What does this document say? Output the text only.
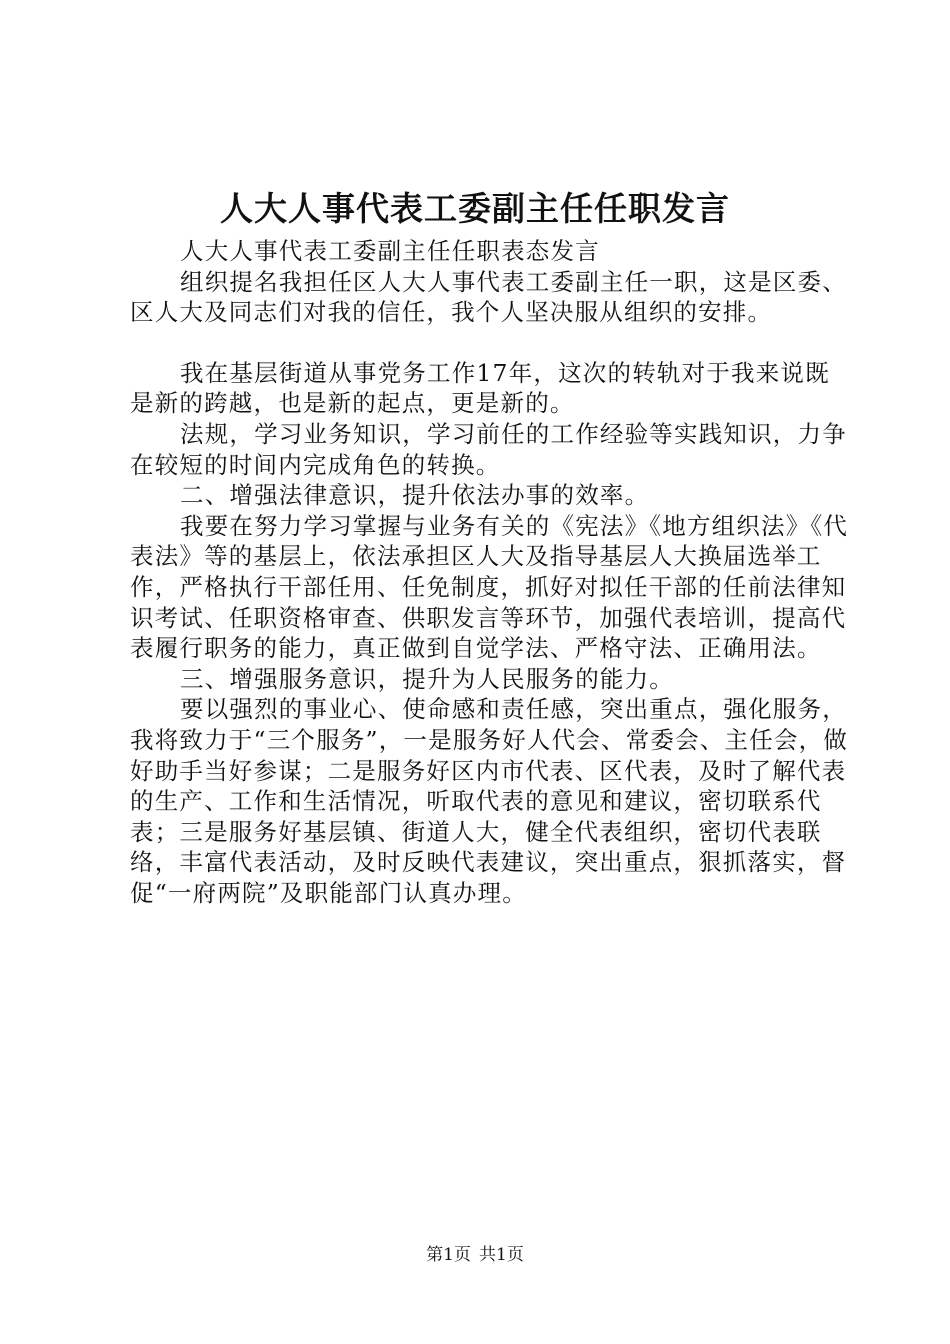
人大人事代表工委副主任任职发言

人大人事代表工委副主任任职表态发言

组织提名我担任区人大人事代表工委副主任一职，这是区委、区人大及同志们对我的信任，我个人坚决服从组织的安排。

我在基层街道从事党务工作17年，这次的转轨对于我来说既是新的跨越，也是新的起点，更是新的。

法规，学习业务知识，学习前任的工作经验等实践知识，力争在较短的时间内完成角色的转换。

二、增强法律意识，提升依法办事的效率。

我要在努力学习掌握与业务有关的《宪法》《地方组织法》《代表法》等的基层上，依法承担区人大及指导基层人大换届选举工作，严格执行干部任用、任免制度，抓好对拟任干部的任前法律知识考试、任职资格审查、供职发言等环节，加强代表培训，提高代表履行职务的能力，真正做到自觉学法、严格守法、正确用法。

三、增强服务意识，提升为人民服务的能力。

要以强烈的事业心、使命感和责任感，突出重点，强化服务，我将致力于“三个服务”，一是服务好人代会、常委会、主任会，做好助手当好参谋；二是服务好区内市代表、区代表，及时了解代表的生产、工作和生活情况，听取代表的意见和建议，密切联系代表；三是服务好基层镇、街道人大，健全代表组织，密切代表联络，丰富代表活动，及时反映代表建议，突出重点，狠抓落实，督促“一府两院”及职能部门认真办理。

第1页 共1页
